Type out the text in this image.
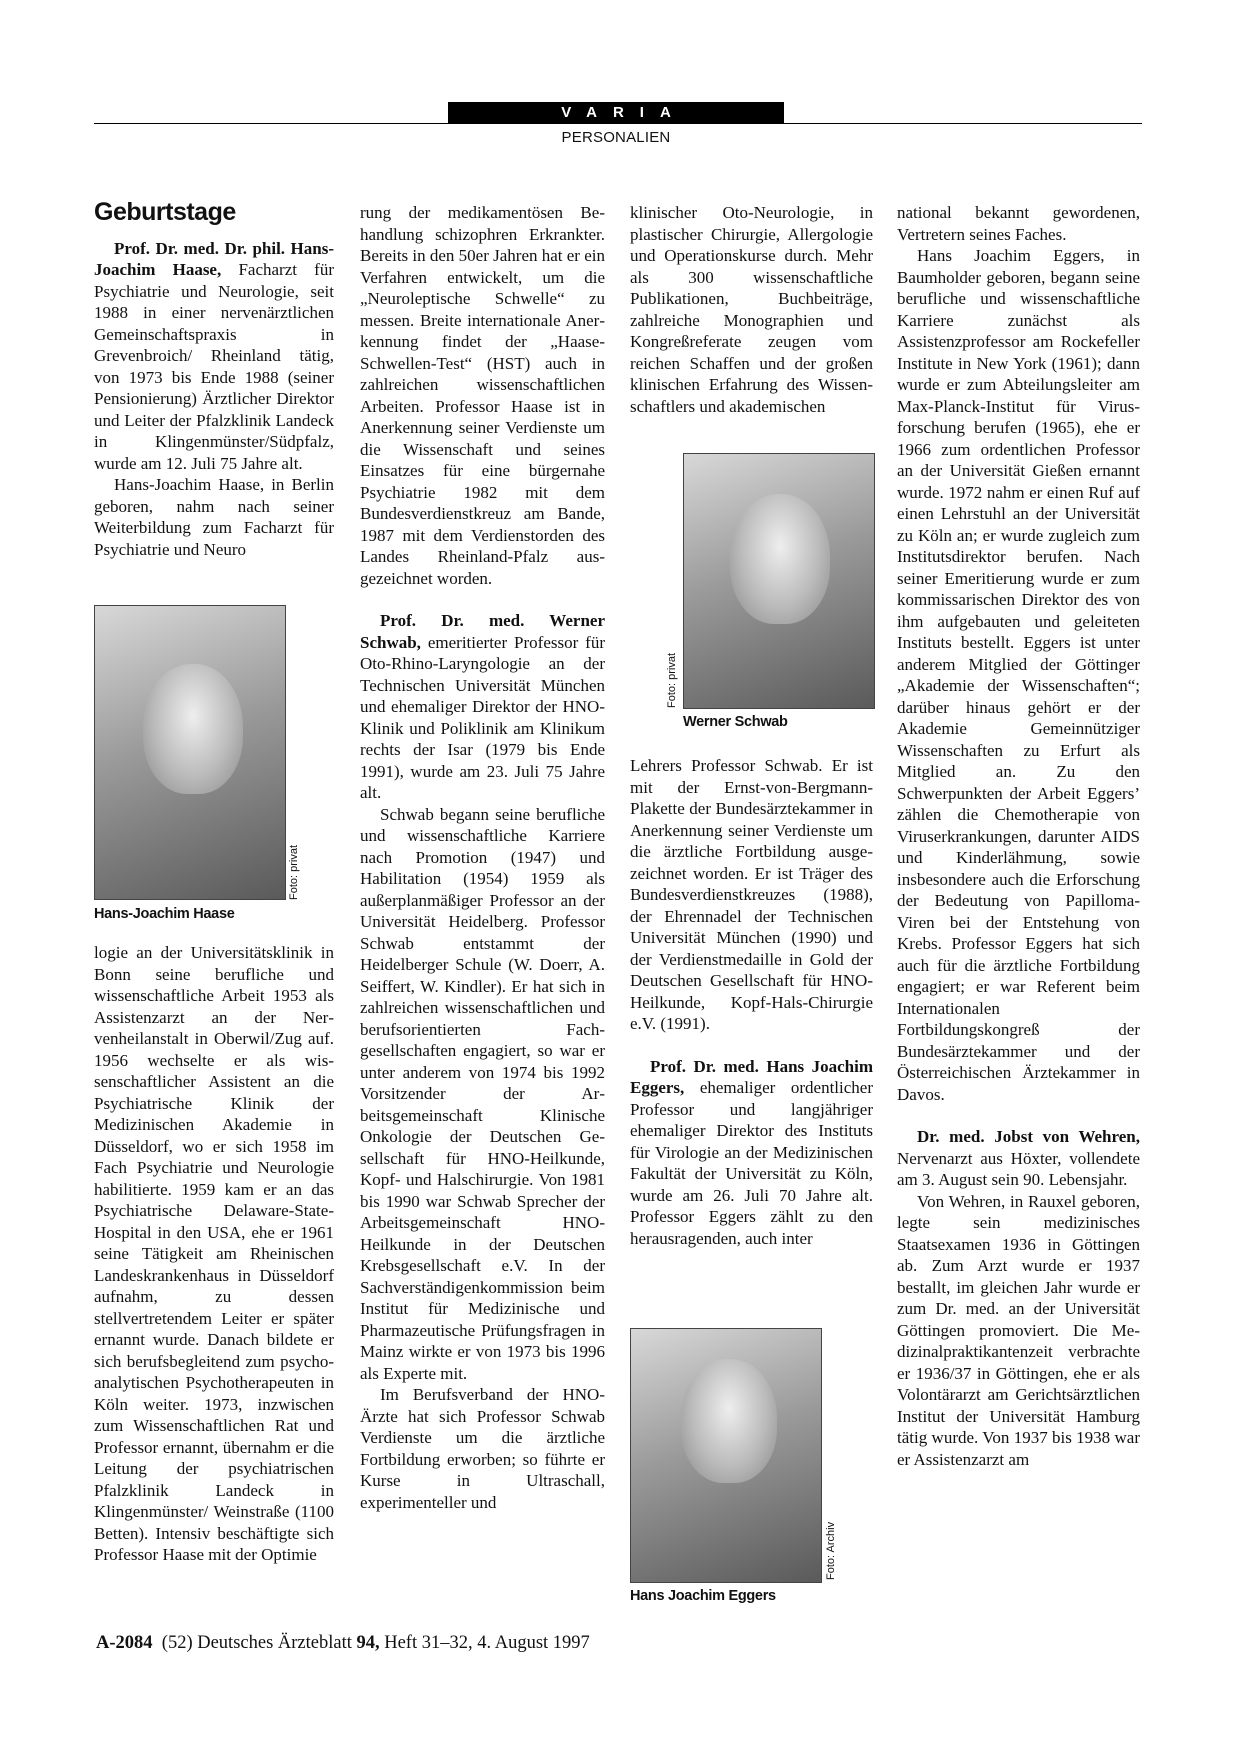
VARIA
PERSONALIEN
Geburtstage

Prof. Dr. med. Dr. phil. Hans-Joachim Haase, Facharzt für Psychiatrie und Neurologie, seit 1988 in einer nervenärztlichen Gemeinschaftspraxis in Grevenbroich/ Rheinland tätig, von 1973 bis Ende 1988 (seiner Pensionierung) Ärztlicher Direktor und Leiter der Pfalzklinik Landeck in Klingenmünster/Südpfalz, wurde am 12. Juli 75 Jahre alt.

Hans-Joachim Haase, in Berlin geboren, nahm nach seiner Weiterbildung zum Facharzt für Psychiatrie und Neuro

Foto: privat
Hans-Joachim Haase

logie an der Universitätsklinik in Bonn seine berufliche und wissenschaftliche Arbeit 1953 als Assistenzarzt an der Nervenheilanstalt in Oberwil/Zug auf. 1956 wechselte er als wissenschaftlicher Assistent an die Psychiatrische Klinik der Medizinischen Akademie in Düsseldorf, wo er sich 1958 im Fach Psychiatrie und Neurologie habilitierte. 1959 kam er an das Psychiatrische Delaware-State-Hospital in den USA, ehe er 1961 seine Tätigkeit am Rheinischen Landeskrankenhaus in Düsseldorf aufnahm, zu dessen stellvertretendem Leiter er später ernannt wurde. Danach bildete er sich berufsbegleitend zum psychoanalytischen Psychotherapeuten in Köln weiter. 1973, inzwischen zum Wissenschaftlichen Rat und Professor ernannt, übernahm er die Leitung der psychiatrischen Pfalzklinik Landeck in Klingenmünster/ Weinstraße (1100 Betten). Intensiv beschäftigte sich Professor Haase mit der Optimie

rung der medikamentösen Behandlung schizophren Erkrankter. Bereits in den 50er Jahren hat er ein Verfahren entwickelt, um die „Neuroleptische Schwelle“ zu messen. Breite internationale Anerkennung findet der „Haase-Schwellen-Test“ (HST) auch in zahlreichen wissenschaftlichen Arbeiten. Professor Haase ist in Anerkennung seiner Verdienste um die Wissenschaft und seines Einsatzes für eine bürgernahe Psychiatrie 1982 mit dem Bundesverdienstkreuz am Bande, 1987 mit dem Verdienstorden des Landes Rheinland-Pfalz ausgezeichnet worden.

Prof. Dr. med. Werner Schwab, emeritierter Professor für Oto-Rhino-Laryngologie an der Technischen Universität München und ehemaliger Direktor der HNO-Klinik und Poliklinik am Klinikum rechts der Isar (1979 bis Ende 1991), wurde am 23. Juli 75 Jahre alt.

Schwab begann seine berufliche und wissenschaftliche Karriere nach Promotion (1947) und Habilitation (1954) 1959 als außerplanmäßiger Professor an der Universität Heidelberg. Professor Schwab entstammt der Heidelberger Schule (W. Doerr, A. Seiffert, W. Kindler). Er hat sich in zahlreichen wissenschaftlichen und berufsorientierten Fachgesellschaften engagiert, so war er unter anderem von 1974 bis 1992 Vorsitzender der Arbeitsgemeinschaft Klinische Onkologie der Deutschen Gesellschaft für HNO-Heilkunde, Kopf- und Halschirurgie. Von 1981 bis 1990 war Schwab Sprecher der Arbeitsgemeinschaft HNO-Heilkunde in der Deutschen Krebsgesellschaft e.V. In der Sachverständigenkommission beim Institut für Medizinische und Pharmazeutische Prüfungsfragen in Mainz wirkte er von 1973 bis 1996 als Experte mit.

Im Berufsverband der HNO-Ärzte hat sich Professor Schwab Verdienste um die ärztliche Fortbildung erworben; so führte er Kurse in Ultraschall, experimenteller und

klinischer Oto-Neurologie, in plastischer Chirurgie, Allergologie und Operationskurse durch. Mehr als 300 wissenschaftliche Publikationen, Buchbeiträge, zahlreiche Monographien und Kongreßreferate zeugen vom reichen Schaffen und der großen klinischen Erfahrung des Wissenschaftlers und akademischen

Foto: privat
Werner Schwab

Lehrers Professor Schwab. Er ist mit der Ernst-von-Bergmann-Plakette der Bundesärztekammer in Anerkennung seiner Verdienste um die ärztliche Fortbildung ausgezeichnet worden. Er ist Träger des Bundesverdienstkreuzes (1988), der Ehrennadel der Technischen Universität München (1990) und der Verdienstmedaille in Gold der Deutschen Gesellschaft für HNO-Heilkunde, Kopf-Hals-Chirurgie e.V. (1991).

Prof. Dr. med. Hans Joachim Eggers, ehemaliger ordentlicher Professor und langjähriger ehemaliger Direktor des Instituts für Virologie an der Medizinischen Fakultät der Universität zu Köln, wurde am 26. Juli 70 Jahre alt. Professor Eggers zählt zu den herausragenden, auch inter

Foto: Archiv
Hans Joachim Eggers

national bekannt gewordenen, Vertretern seines Faches.

Hans Joachim Eggers, in Baumholder geboren, begann seine berufliche und wissenschaftliche Karriere zunächst als Assistenzprofessor am Rockefeller Institute in New York (1961); dann wurde er zum Abteilungsleiter am Max-Planck-Institut für Virusforschung berufen (1965), ehe er 1966 zum ordentlichen Professor an der Universität Gießen ernannt wurde. 1972 nahm er einen Ruf auf einen Lehrstuhl an der Universität zu Köln an; er wurde zugleich zum Institutsdirektor berufen. Nach seiner Emeritierung wurde er zum kommissarischen Direktor des von ihm aufgebauten und geleiteten Instituts bestellt. Eggers ist unter anderem Mitglied der Göttinger „Akademie der Wissenschaften“; darüber hinaus gehört er der Akademie Gemeinnütziger Wissenschaften zu Erfurt als Mitglied an. Zu den Schwerpunkten der Arbeit Eggers’ zählen die Chemotherapie von Viruserkrankungen, darunter AIDS und Kinderlähmung, sowie insbesondere auch die Erforschung der Bedeutung von Papilloma-Viren bei der Entstehung von Krebs. Professor Eggers hat sich auch für die ärztliche Fortbildung engagiert; er war Referent beim Internationalen Fortbildungskongreß der Bundesärztekammer und der Österreichischen Ärztekammer in Davos.

Dr. med. Jobst von Wehren, Nervenarzt aus Höxter, vollendete am 3. August sein 90. Lebensjahr.

Von Wehren, in Rauxel geboren, legte sein medizinisches Staatsexamen 1936 in Göttingen ab. Zum Arzt wurde er 1937 bestallt, im gleichen Jahr wurde er zum Dr. med. an der Universität Göttingen promoviert. Die Medizinalpraktikantenzeit verbrachte er 1936/37 in Göttingen, ehe er als Volontärarzt am Gerichtsärztlichen Institut der Universität Hamburg tätig wurde. Von 1937 bis 1938 war er Assistenzarzt am

A-2084 (52) Deutsches Ärzteblatt 94, Heft 31–32, 4. August 1997
